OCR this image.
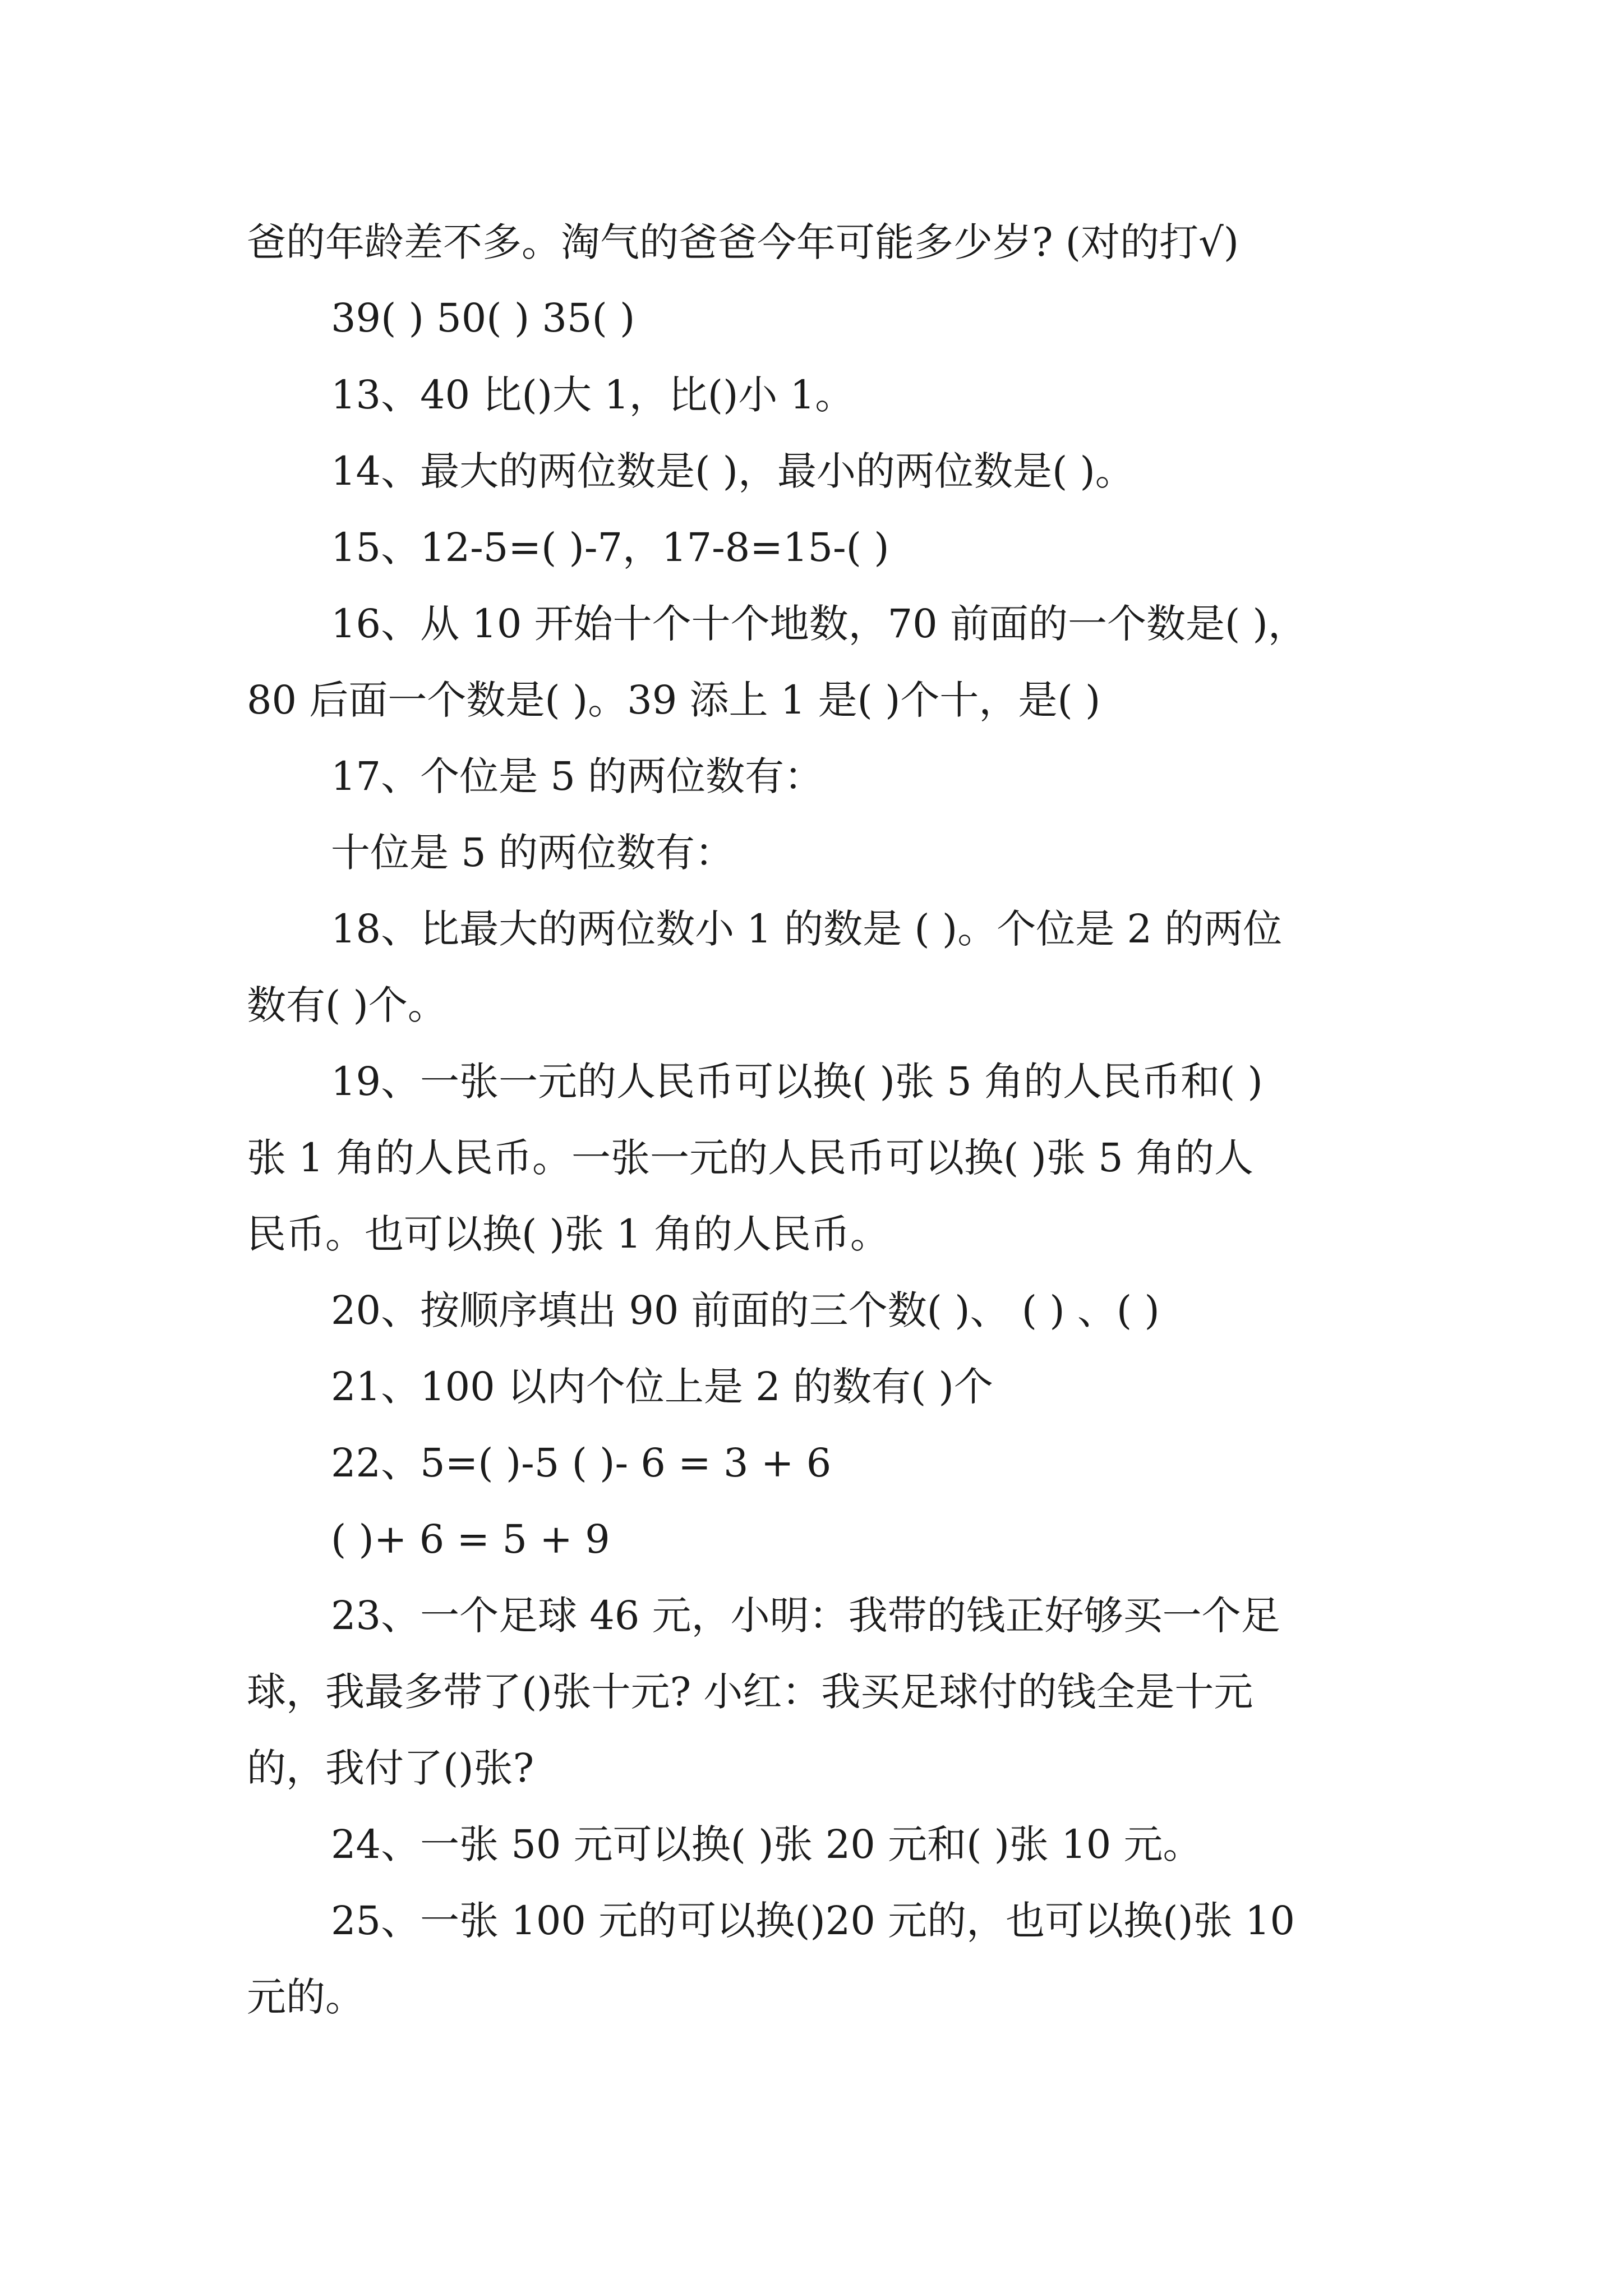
爸的年龄差不多。淘气的爸爸今年可能多少岁? (对的打√)
39( ) 50( ) 35( )
13、40 比()大 1，比()小 1。
14、最大的两位数是( )，最小的两位数是( )。
15、12-5=( )-7，17-8=15-( )
16、从 10 开始十个十个地数，70 前面的一个数是( )，
80 后面一个数是( )。39 添上 1 是( )个十，是( )
17、个位是 5 的两位数有：
十位是 5 的两位数有：
18、比最大的两位数小 1 的数是 ( )。个位是 2 的两位
数有( )个。
19、一张一元的人民币可以换( )张 5 角的人民币和( )
张 1 角的人民币。一张一元的人民币可以换( )张 5 角的人
民币。也可以换( )张 1 角的人民币。
20、按顺序填出 90 前面的三个数( )、 ( ) 、( )
21、100 以内个位上是 2 的数有( )个
22、5=( )-5 ( )- 6 = 3 + 6
( )+ 6 = 5 + 9
23、一个足球 46 元，小明：我带的钱正好够买一个足
球，我最多带了()张十元? 小红：我买足球付的钱全是十元
的，我付了()张?
24、一张 50 元可以换( )张 20 元和( )张 10 元。
25、一张 100 元的可以换()20 元的，也可以换()张 10
元的。
